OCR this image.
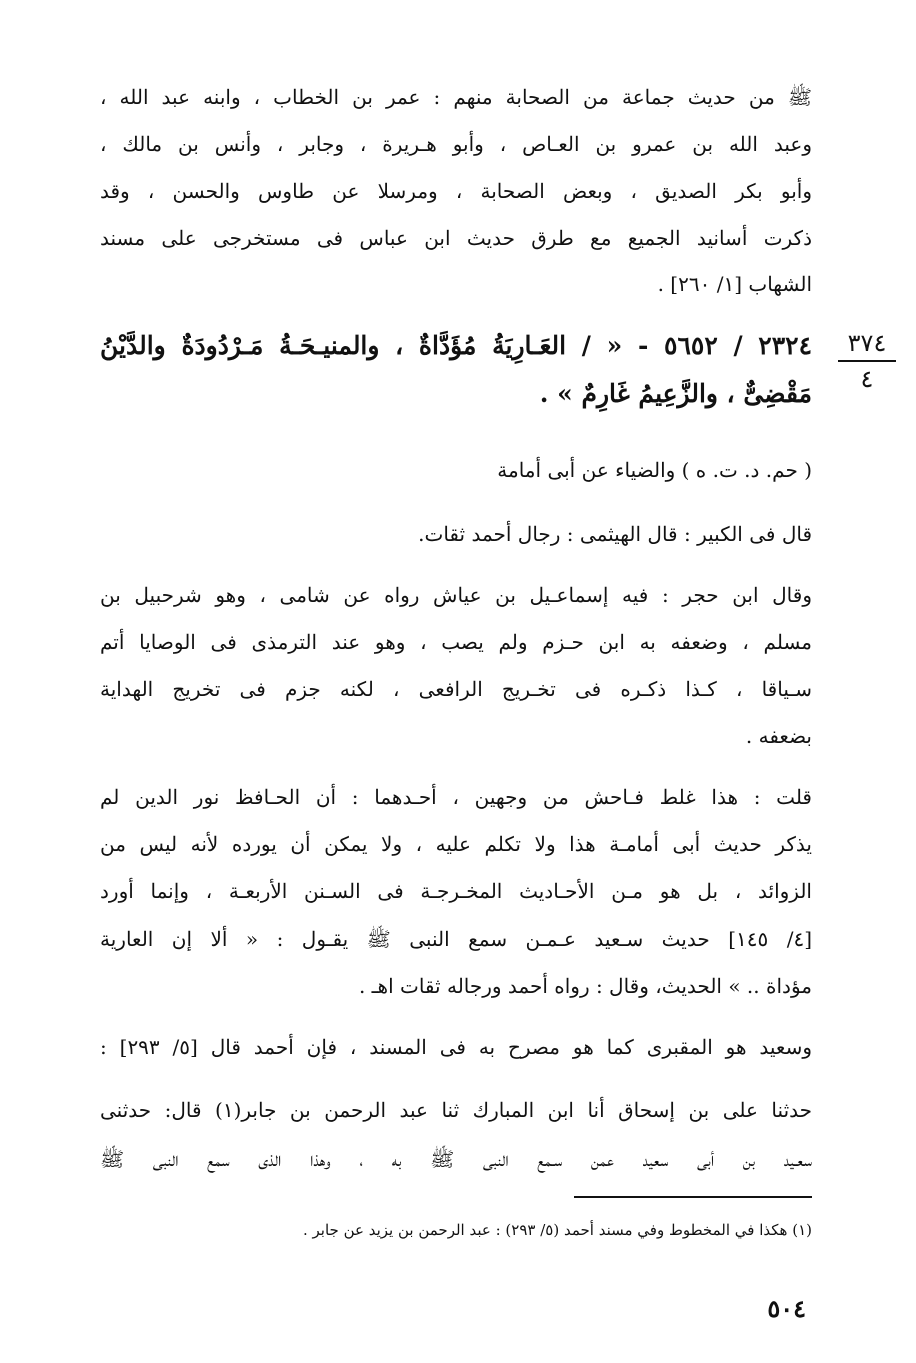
ﷺ من حديث جماعة من الصحابة منهم : عمر بن الخطاب ، وابنه عبد الله ،
وعبد الله بن عمرو بن العـاص ، وأبو هـريرة ، وجابر ، وأنس بن مالك ،
وأبو بكر الصديق ، وبعض الصحابة ، ومرسلا عن طاوس والحسن ، وقد
ذكرت أسانيد الجميع مع طرق حديث ابن عباس فى مستخرجى على مسند
الشهاب [١/ ٢٦٠] .
٣٧٤
٤
٢٣٢٤ / ٥٦٥٢ - « / العَـارِيَةُ مُؤَدَّاةٌ ، والمنيـحَـةُ مَـرْدُودَةٌ والدَّيْنُ
مَقْضِىٌّ ، والزَّعِيمُ غَارِمٌ » .
( حم. د. ت. ه ) والضياء عن أبى أمامة
قال فى الكبير : قال الهيثمى : رجال أحمد ثقات.
وقال ابن حجر : فيه إسماعـيل بن عياش رواه عن شامى ، وهو شرحبيل بن
مسلم ، وضعفه به ابن حـزم ولم يصب ، وهو عند الترمذى فى الوصايا أتم
سـياقا ، كـذا ذكـره فى تخـريج الرافعى ، لكنه جزم فى تخريج الهداية
بضعفه .
قلت : هذا غلط فـاحش من وجهين ، أحـدهما : أن الحـافظ نور الدين لم
يذكر حديث أبى أمامـة هذا ولا تكلم عليه ، ولا يمكن أن يورده لأنه ليس من
الزوائد ، بل هو مـن الأحـاديث المخـرجـة فى السـنن الأربعـة ، وإنما أورد
[٤/ ١٤٥] حديث سـعيد عـمـن سمع النبى ﷺ يقـول : « ألا إن العارية
مؤداة .. » الحديث، وقال : رواه أحمد ورجاله ثقات اهـ .
وسعيد هو المقبرى كما هو مصرح به فى المسند ، فإن أحمد قال [٥/ ٢٩٣] :
حدثنا على بن إسحاق أنا ابن المبارك ثنا عبد الرحمن بن جابر(١) قال: حدثنى
سعـيد بن أبى سعيد عمن سـمع النبى ﷺ به ، وهذا الذى سمع النبى ﷺ
(١) هكذا في المخطوط وفي مسند أحمد (٥/ ٢٩٣) : عبد الرحمن بن يزيد عن جابر .
٥٠٤
